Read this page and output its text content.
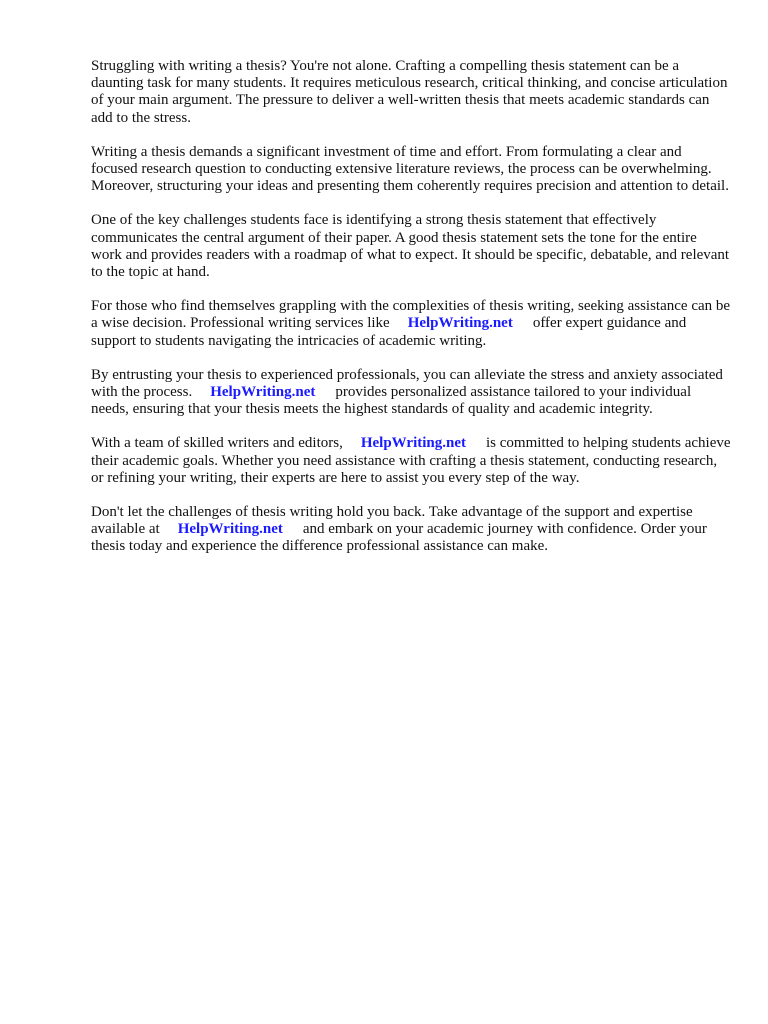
Struggling with writing a thesis? You're not alone. Crafting a compelling thesis statement can be a daunting task for many students. It requires meticulous research, critical thinking, and concise articulation of your main argument. The pressure to deliver a well-written thesis that meets academic standards can add to the stress.

Writing a thesis demands a significant investment of time and effort. From formulating a clear and focused research question to conducting extensive literature reviews, the process can be overwhelming. Moreover, structuring your ideas and presenting them coherently requires precision and attention to detail.

One of the key challenges students face is identifying a strong thesis statement that effectively communicates the central argument of their paper. A good thesis statement sets the tone for the entire work and provides readers with a roadmap of what to expect. It should be specific, debatable, and relevant to the topic at hand.

For those who find themselves grappling with the complexities of thesis writing, seeking assistance can be a wise decision. Professional writing services like HelpWriting.net offer expert guidance and support to students navigating the intricacies of academic writing.

By entrusting your thesis to experienced professionals, you can alleviate the stress and anxiety associated with the process. HelpWriting.net provides personalized assistance tailored to your individual needs, ensuring that your thesis meets the highest standards of quality and academic integrity.

With a team of skilled writers and editors, HelpWriting.net is committed to helping students achieve their academic goals. Whether you need assistance with crafting a thesis statement, conducting research, or refining your writing, their experts are here to assist you every step of the way.

Don't let the challenges of thesis writing hold you back. Take advantage of the support and expertise available at HelpWriting.net and embark on your academic journey with confidence. Order your thesis today and experience the difference professional assistance can make.
